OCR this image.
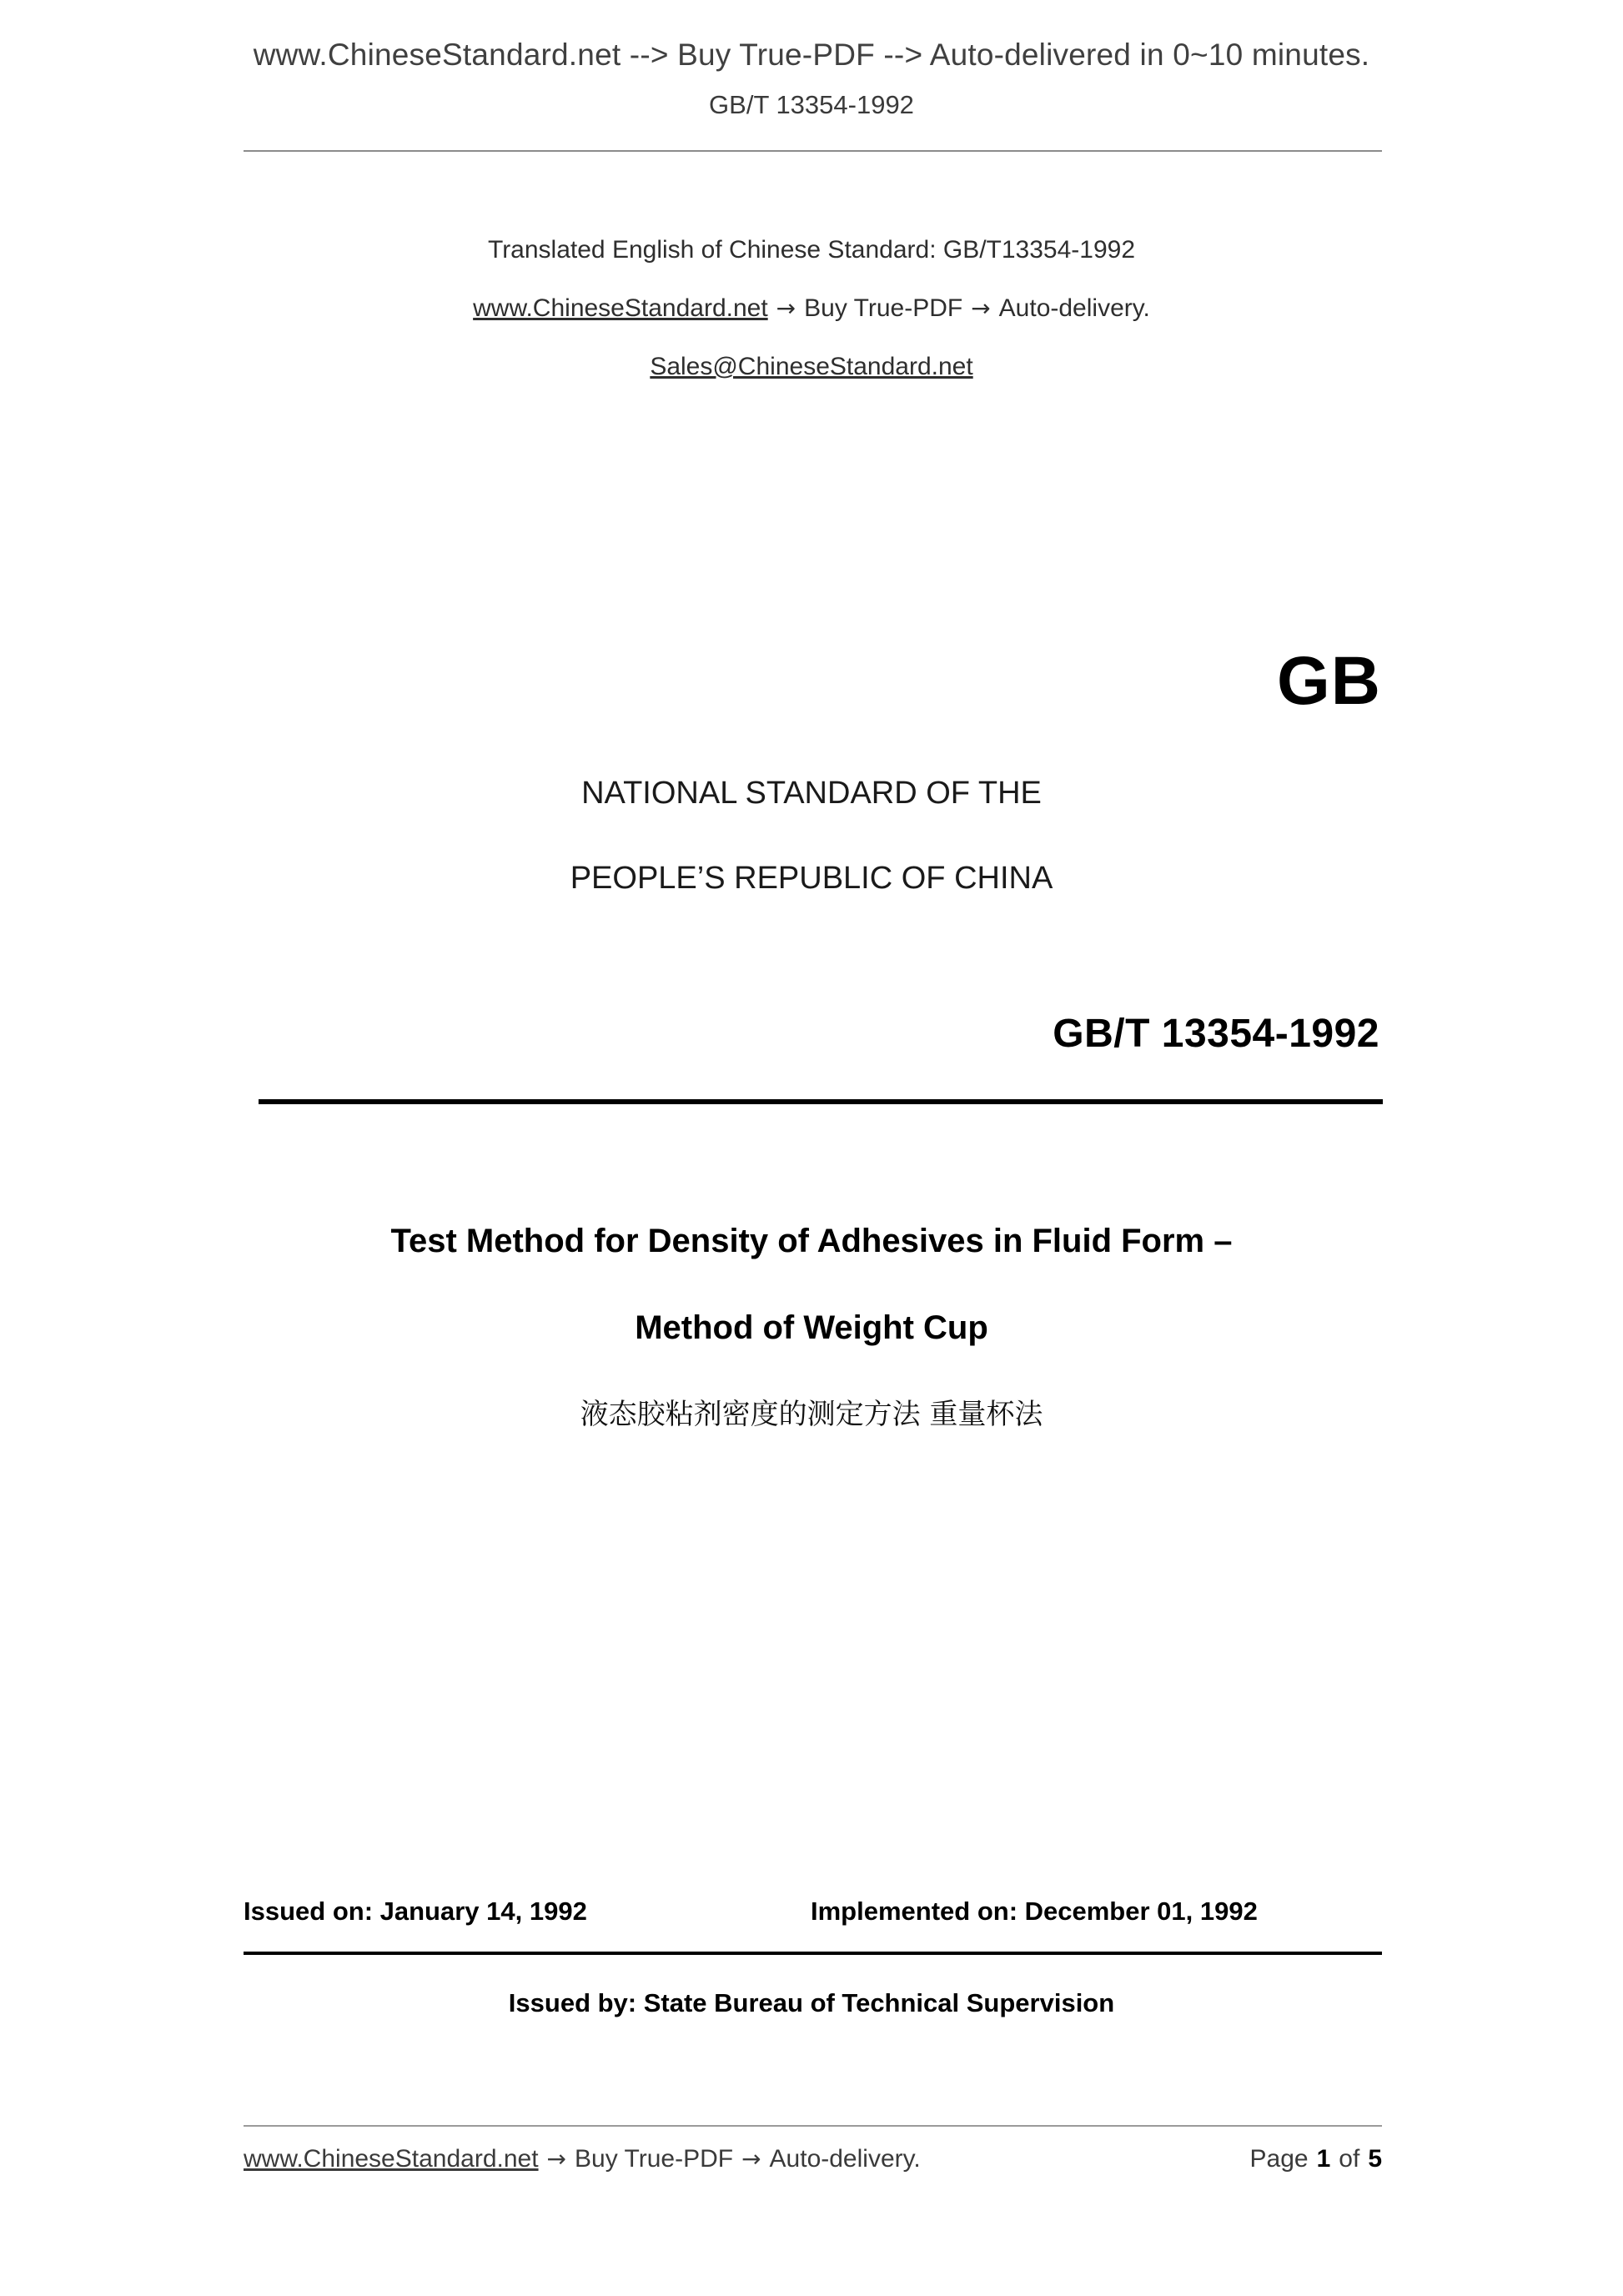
www.ChineseStandard.net --> Buy True-PDF --> Auto-delivered in 0~10 minutes.
GB/T 13354-1992
Translated English of Chinese Standard: GB/T13354-1992
www.ChineseStandard.net → Buy True-PDF → Auto-delivery.
Sales@ChineseStandard.net
GB
NATIONAL STANDARD OF THE
PEOPLE’S REPUBLIC OF CHINA
GB/T 13354-1992
Test Method for Density of Adhesives in Fluid Form –
Method of Weight Cup
液态胶粘剂密度的测定方法 重量杯法
Issued on: January 14, 1992	Implemented on: December 01, 1992
Issued by: State Bureau of Technical Supervision
www.ChineseStandard.net → Buy True-PDF → Auto-delivery.	Page 1 of 5
